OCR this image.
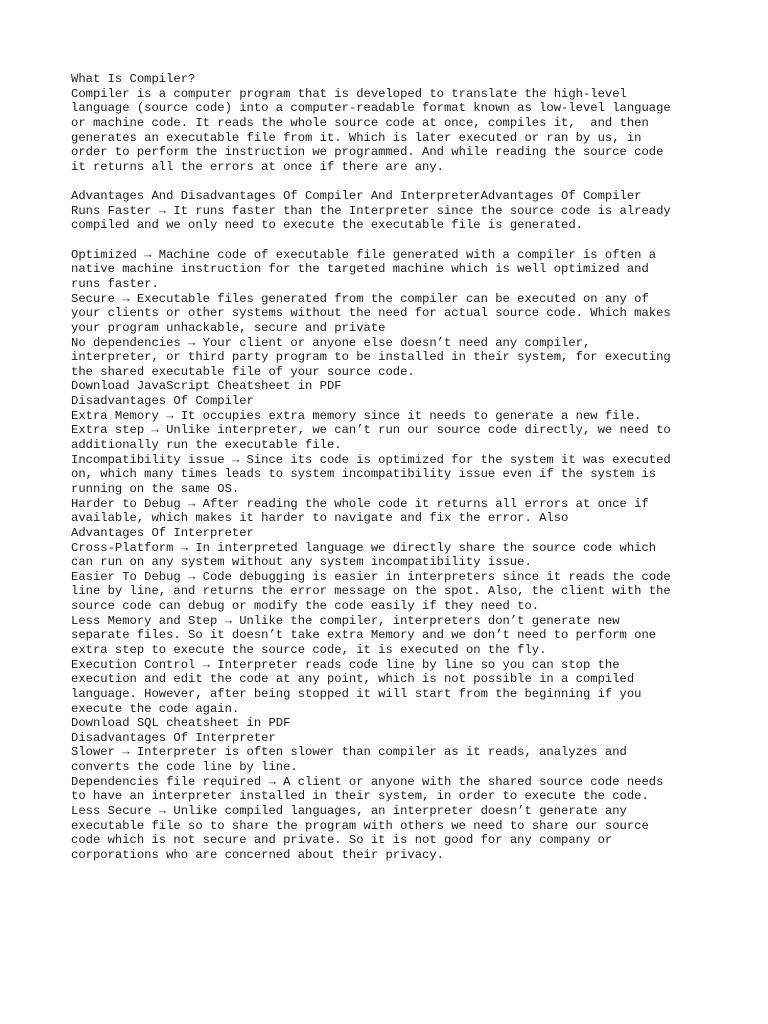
What Is Compiler?
Compiler is a computer program that is developed to translate the high-level
language (source code) into a computer-readable format known as low-level language
or machine code. It reads the whole source code at once, compiles it,  and then
generates an executable file from it. Which is later executed or ran by us, in
order to perform the instruction we programmed. And while reading the source code
it returns all the errors at once if there are any.
Advantages And Disadvantages Of Compiler And InterpreterAdvantages Of Compiler
Runs Faster → It runs faster than the Interpreter since the source code is already
compiled and we only need to execute the executable file is generated.
Optimized → Machine code of executable file generated with a compiler is often a
native machine instruction for the targeted machine which is well optimized and
runs faster.
Secure → Executable files generated from the compiler can be executed on any of
your clients or other systems without the need for actual source code. Which makes
your program unhackable, secure and private
No dependencies → Your client or anyone else doesn’t need any compiler,
interpreter, or third party program to be installed in their system, for executing
the shared executable file of your source code.
Download JavaScript Cheatsheet in PDF
Disadvantages Of Compiler
Extra Memory → It occupies extra memory since it needs to generate a new file.
Extra step → Unlike interpreter, we can’t run our source code directly, we need to
additionally run the executable file.
Incompatibility issue → Since its code is optimized for the system it was executed
on, which many times leads to system incompatibility issue even if the system is
running on the same OS.
Harder to Debug → After reading the whole code it returns all errors at once if
available, which makes it harder to navigate and fix the error. Also
Advantages Of Interpreter
Cross-Platform → In interpreted language we directly share the source code which
can run on any system without any system incompatibility issue.
Easier To Debug → Code debugging is easier in interpreters since it reads the code
line by line, and returns the error message on the spot. Also, the client with the
source code can debug or modify the code easily if they need to.
Less Memory and Step → Unlike the compiler, interpreters don’t generate new
separate files. So it doesn’t take extra Memory and we don’t need to perform one
extra step to execute the source code, it is executed on the fly.
Execution Control → Interpreter reads code line by line so you can stop the
execution and edit the code at any point, which is not possible in a compiled
language. However, after being stopped it will start from the beginning if you
execute the code again.
Download SQL cheatsheet in PDF
Disadvantages Of Interpreter
Slower → Interpreter is often slower than compiler as it reads, analyzes and
converts the code line by line.
Dependencies file required → A client or anyone with the shared source code needs
to have an interpreter installed in their system, in order to execute the code.
Less Secure → Unlike compiled languages, an interpreter doesn’t generate any
executable file so to share the program with others we need to share our source
code which is not secure and private. So it is not good for any company or
corporations who are concerned about their privacy.
